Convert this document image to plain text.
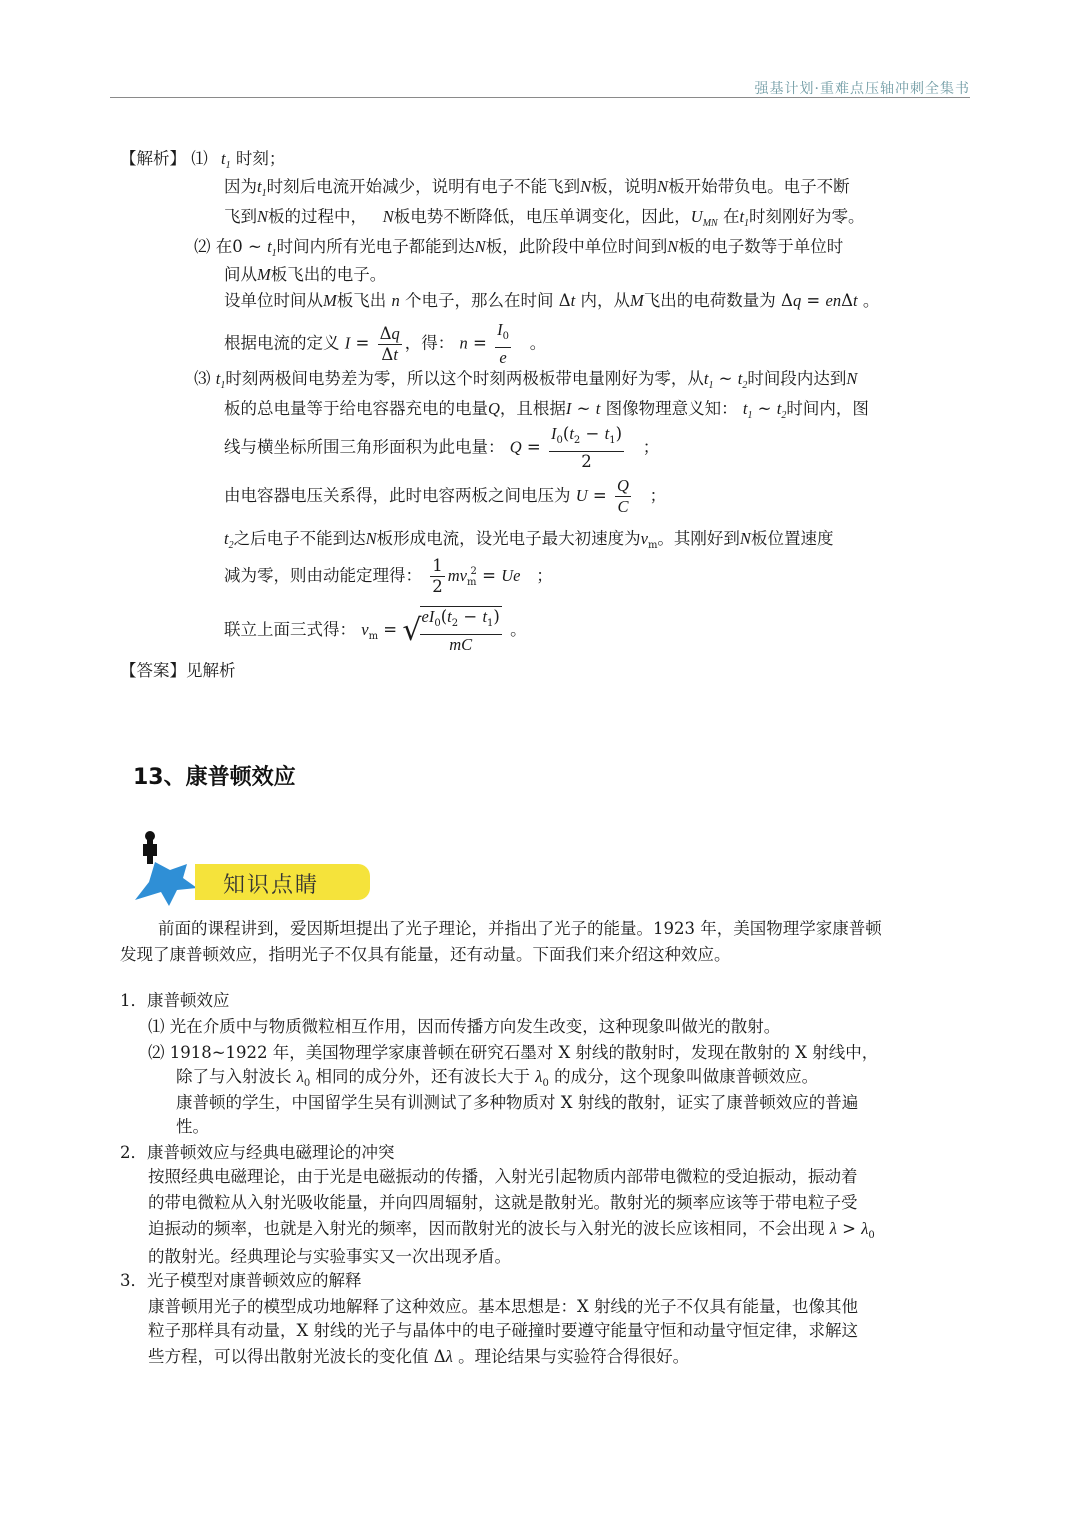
强基计划·重难点压轴冲刺全集书
【解析】 ⑴ $t_1$ 时刻；
因为$t_1$时刻后电流开始减少，说明有电子不能飞到N板，说明N板开始带负电。电子不断
飞到N板的过程中， N板电势不断降低，电压单调变化，因此，$U_{MN}$ 在$t_1$时刻刚好为零。
⑵ 在0 ~ $t_1$时间内所有光电子都能到达N板，此阶段中单位时间到N板的电子数等于单位时
间从M板飞出的电子。
设单位时间从M板飞出 n 个电子，那么在时间 Δt 内，从M飞出的电荷数量为 Δq = enΔt 。
根据电流的定义 $I = \frac{\Delta q}{\Delta t}$ ，得： $n = \frac{I_0}{e}$ 。
⑶ $t_1$时刻两极间电势差为零，所以这个时刻两极板带电量刚好为零，从$t_1$ ~ $t_2$时间段内达到N
板的总电量等于给电容器充电的电量Q，且根据I ~ t 图像物理意义知： $t_1$ ~ $t_2$时间内，图
线与横坐标所围三角形面积为此电量： $Q = \frac{I_0(t_2 - t_1)}{2}$ ；
由电容器电压关系得，此时电容两板之间电压为 $U = \frac{Q}{C}$ ；
$t_2$之后电子不能到达N板形成电流，设光电子最大初速度为$v_m$。其刚好到N板位置速度
减为零，则由动能定理得： $\frac{1}{2} mv_m^2 = Ue$ ；
联立上面三式得： $v_m$ = √
$\frac{eI_0(t_2 - t_1)}{mC}$ 。
【答案】见解析
13、康普顿效应
知识点睛
前面的课程讲到，爱因斯坦提出了光子理论，并指出了光子的能量。1923 年，美国物理学家康普顿
发现了康普顿效应，指明光子不仅具有能量，还有动量。下面我们来介绍这种效应。
1．康普顿效应
⑴ 光在介质中与物质微粒相互作用，因而传播方向发生改变，这种现象叫做光的散射。
⑵ 1918~1922 年，美国物理学家康普顿在研究石墨对 X 射线的散射时，发现在散射的 X 射线中，
除了与入射波长 $\lambda_0$ 相同的成分外，还有波长大于 $\lambda_0$ 的成分，这个现象叫做康普顿效应。
康普顿的学生，中国留学生吴有训测试了多种物质对 X 射线的散射，证实了康普顿效应的普遍
性。
2．康普顿效应与经典电磁理论的冲突
按照经典电磁理论，由于光是电磁振动的传播，入射光引起物质内部带电微粒的受迫振动，振动着
的带电微粒从入射光吸收能量，并向四周辐射，这就是散射光。散射光的频率应该等于带电粒子受
迫振动的频率，也就是入射光的频率，因而散射光的波长与入射光的波长应该相同，不会出现 $\lambda > \lambda_0$
的散射光。经典理论与实验事实又一次出现矛盾。
3．光子模型对康普顿效应的解释
康普顿用光子的模型成功地解释了这种效应。基本思想是：X 射线的光子不仅具有能量，也像其他
粒子那样具有动量，X 射线的光子与晶体中的电子碰撞时要遵守能量守恒和动量守恒定律，求解这
些方程，可以得出散射光波长的变化值 Δλ 。理论结果与实验符合得很好。
